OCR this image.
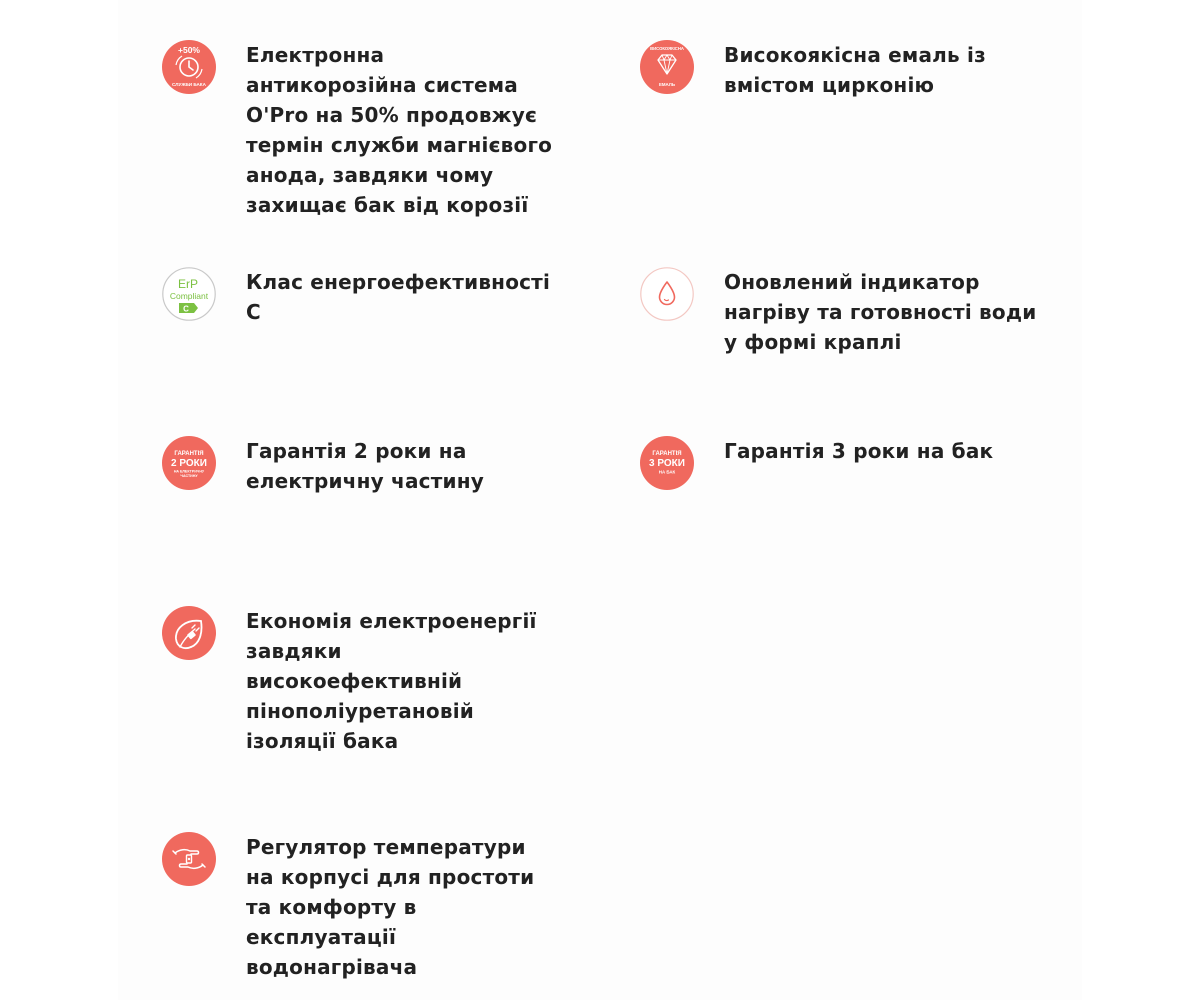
+50%
СЛУЖБИ БАКА
Електронна антикорозійна система O'Pro на 50% продовжує термін служби магнієвого анода, завдяки чому захищає бак від корозії
ВИСОКОЯКІСНА
ЕМАЛЬ
Високоякісна емаль із вмістом цирконію
ErP
Compliant
C
Клас енергоефективності С
Оновлений індикатор нагріву та готовності води у формі краплі
ГАРАНТІЯ
2 РОКИ
НА ЕЛЕКТРИЧНУ
ЧАСТИНУ
Гарантія 2 роки на електричну частину
ГАРАНТІЯ
3 РОКИ
НА БАК
Гарантія 3 роки на бак
Економія електроенергії завдяки високоефективній пінополіуретановій ізоляції бака
Регулятор температури на корпусі для простоти та комфорту в експлуатації водонагрівача
